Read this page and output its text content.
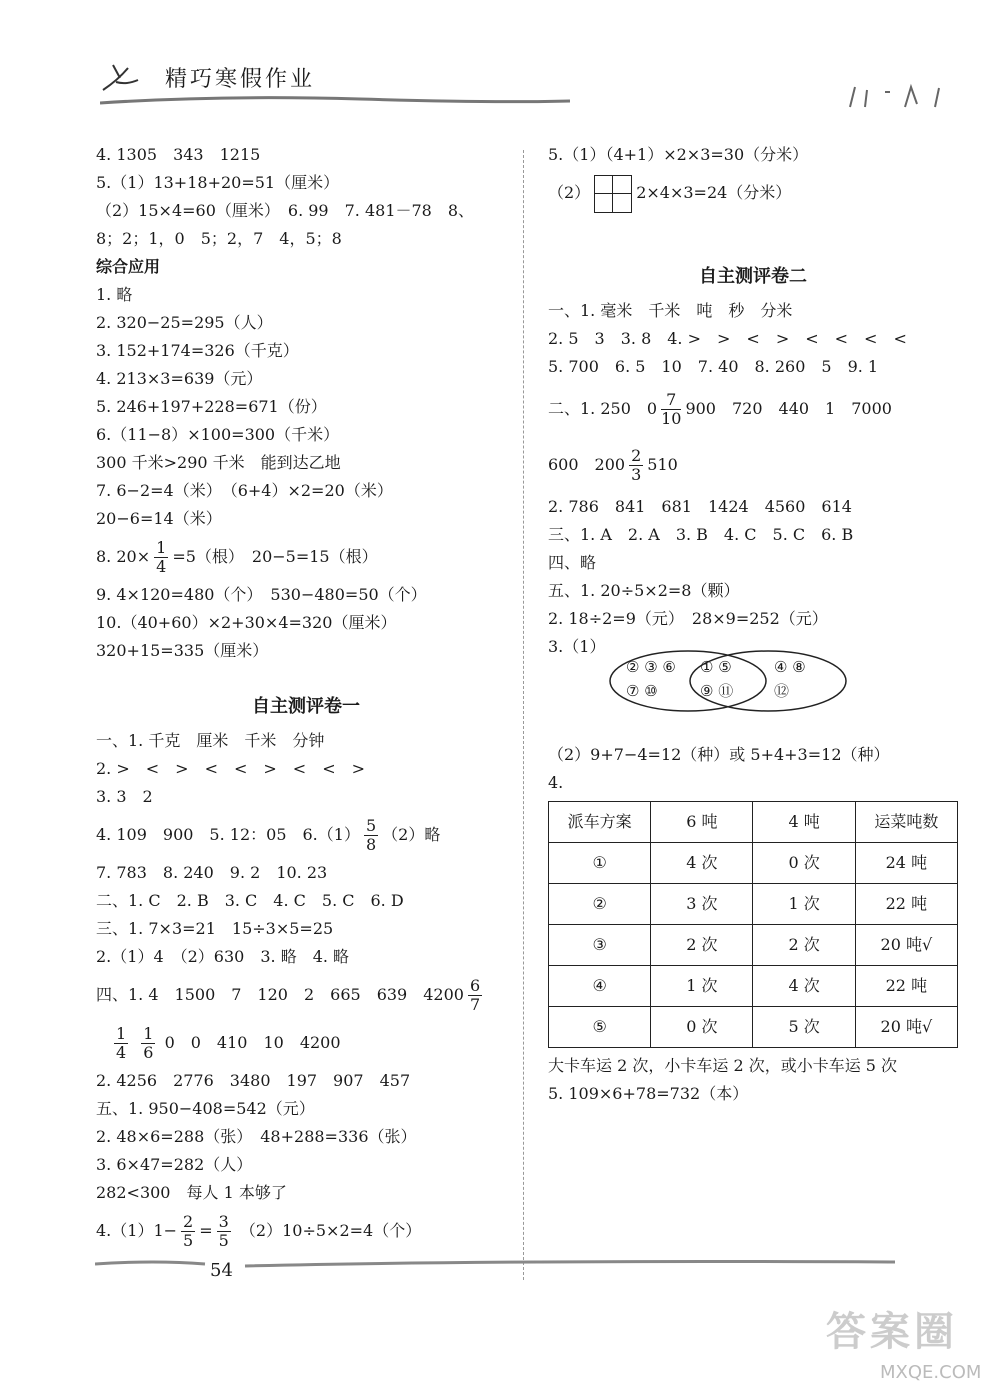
精巧寒假作业
4. 1305　343　1215
5.（1）13+18+20=51（厘米）
（2）15×4=60（厘米）　6. 99　7. 481－78　8、
8；2；1，0　5；2，7　4，5；8
综合应用
1. 略
2. 320−25=295（人）
3. 152+174=326（千克）
4. 213×3=639（元）
5. 246+197+228=671（份）
6.（11−8）×100=300（千米）
300 千米>290 千米　能到达乙地
7. 6−2=4（米）　（6+4）×2=20（米）
20−6=14（米）
8. $20\times \frac{1}{4} =5$（根）　20−5=15（根）
9. 4×120=480（个）　530−480=50（个）
10.（40+60）×2+30×4=320（厘米）
320+15=335（厘米）
自主测评卷一
一、1. 千克　厘米　千米　分钟
2. >　<　>　<　<　>　<　<　>
3. 3　2
4. 109　900　5. 12：05　$6.(1) \frac{5}{8} (2)$略
7. 783　8. 240　9. 2　10. 23
二、1. C　2. B　3. C　4. C　5. C　6. D
三、1. 7×3=21　15÷3×5=25
2.（1）4　（2）630　3. 略　4. 略
四、1. 4　1500　7　120　2　665　639　$4200 \frac{6}{7}$
$\frac{1}{4}$
$\frac{1}{6} 0$　0　410　10　4200
2. 4256　2776　3480　197　907　457
五、1. 950−408=542（元）
2. 48×6=288（张）　48+288=336（张）
3. 6×47=282（人）
282<300　每人 1 本够了
$4.(1)1- \frac{2}{5} = \frac{3}{5} (2)10\div 5\times 2=4$（个）
5.（1）（4+1）×2×3=30（分米）
（2）	2×4×3=24（分米）
自主测评卷二
一、1. 毫米　千米　吨　秒　分米
2. 5　3　3. 8　4. >　>　<　>　<　<　<　<
5. 700　6. 5　10　7. 40　8. 260　5　9. 1
二、1. 250　$0 \frac{7}{10} 900$　720　440　1　7000
600　$200 \frac{2}{3} 510$
2. 786　841　681　1424　4560　614
三、1. A　2. A　3. B　4. C　5. C　6. B
四、略
五、1. 20÷5×2=8（颗）
2. 18÷2=9（元）　28×9=252（元）
3.（1）
② ③ ⑥
⑦ ⑩
① ⑤
⑨ ⑪
④ ⑧
⑫
（2）9+7−4=12（种）或 5+4+3=12（种）
4.
派车方案	6 吨	4 吨	运菜吨数
①	4 次	0 次	24 吨
②	3 次	1 次	22 吨
③	2 次	2 次	20 吨√
④	1 次	4 次	22 吨
⑤	0 次	5 次	20 吨√
大卡车运 2 次，小卡车运 2 次，或小卡车运 5 次
5. 109×6+78=732（本）
54
答案圈
MXQE.COM
